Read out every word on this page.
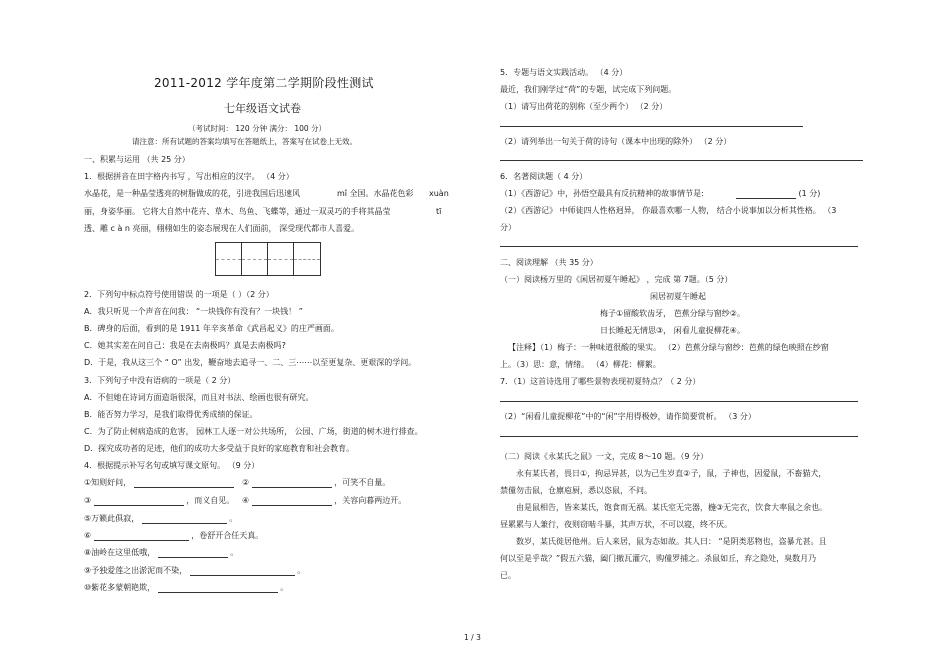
2011-2012 学年度第二学期阶段性测试
七年级语文试卷
（考试时间： 120 分钟 满分： 100 分）
请注意：所有试题的答案均填写在答题纸上，答案写在试卷上无效。
一、积累与运用 （共 25 分）
1．根据拼音在田字格内书写 ，写出相应的汉字。 （4 分）
水晶花，是一种晶莹透亮的树脂做成的花，引进我国后迅速风	mǐ 全国。水晶花色彩 xuàn
丽，身姿华丽。 它将大自然中花卉、草木、鸟鱼、飞蝶等，通过一双灵巧的手将其晶莹	tī
透、雕 c à n 亮丽，栩栩如生的姿态展现在人们面前， 深受现代都市人喜爱。
2．下列句中标点符号使用错误 的一项是（ ）（2 分）
A．我只听见一个声音在问我： “一块钱你有没有？一块钱！ ”
B．碑身的后面，看到的是 1911 年辛亥革命《武昌起义》的庄严画面。
C．她其实差在问自己：我是在去南极吗？真是去南极吗?
D．于是，我从这三个 “ O” 出发，鞭奋地去追寻一、二、三⋯⋯以至更复杂、更艰深的学问。
3．下列句子中没有语病的一项是（ 2 分）
A．不但她在诗词方面造诣很深，而且对书法、绘画也很有研究。
B．能否努力学习，是我们取得优秀成绩的保证。
C．为了防止树病造成的危害， 园林工人逐一对公共场所， 公园、广场，街道的树木进行排查。
D．探究成功者的足迹，他们的成功大多受益于良好的家庭教育和社会教育。
4．根据提示补写名句或填写课文原句。 （9 分）
①知则好问，	②	，可笑不自量。
③	，而义自见。 ④	，关容向暮两边开。
⑤万籁此俱寂，	。
⑥	，卷舒开合任天真。
⑧油岭在这里低哦，	。
⑨予独爱莲之出淤泥而不染，	。
⑩紫花多蒙朝艳欺，	。
5．专题与语文实践活动。 （4 分）
最近，我们刚学过“荷”的专题，试完成下列问题。
（1）请写出荷花的别称（至少两个） （2 分）
（2）请列举出一句关于荷的诗句（课本中出现的除外） （2 分）
6．名著阅读题（ 4 分）
（1）《西游记》中，孙悟空最具有反抗精神的故事情节是:	(1 分)
（2）《西游记》 中师徒四人性格迥异， 你最喜欢哪一人物， 结合小说事加以分析其性格。 （3
分）
二、阅读理解 （共 35 分）
（一）阅读杨万里的《闲居初夏午睡起》 ，完成 第 7题。（5 分）
闲居初夏午睡起
梅子①留酸软齿牙， 芭蕉分绿与窗纱②。
日长睡起无情思③， 闲看儿童捉柳花④。
【注释】（1）梅子：一种味道很酸的果实。 （2）芭蕉分绿与窗纱：芭蕉的绿色映照在纱窗
上。（3）思：意，情绪。 （4）柳花：柳絮。
7．（1）这首诗选用了哪些景物表现初夏特点？（ 2 分）
（2）“闲看儿童捉柳花”中的“闲”字用得极妙，请作简要赏析。 （3 分）
（二）阅读《永某氏之鼠》一文，完成 8～10 题。（9 分）
永有某氏者，畏日①，拘忌异甚，以为己生岁直②子，鼠，子神也，因爱鼠，不畜猫犬，
禁僮勿击鼠，仓廪庖厨，悉以恣鼠，不问。
由是鼠相告，皆来某氏，饱食而无祸。某氏室无完器，椸③无完衣，饮食大率鼠之余也。
昼累累与人兼行，夜则窃啮斗暴，其声万状，不可以寝，终不厌。
数岁，某氏徙居他州。后人来居，鼠为态如故。其人曰： “是阴类恶物也，盗暴尤甚。且
何以至是乎哉？”假五六猫，阖门撤瓦灌穴，购僮罗捕之。杀鼠如丘，弃之隐处，臭数月乃
已。
1 / 3
